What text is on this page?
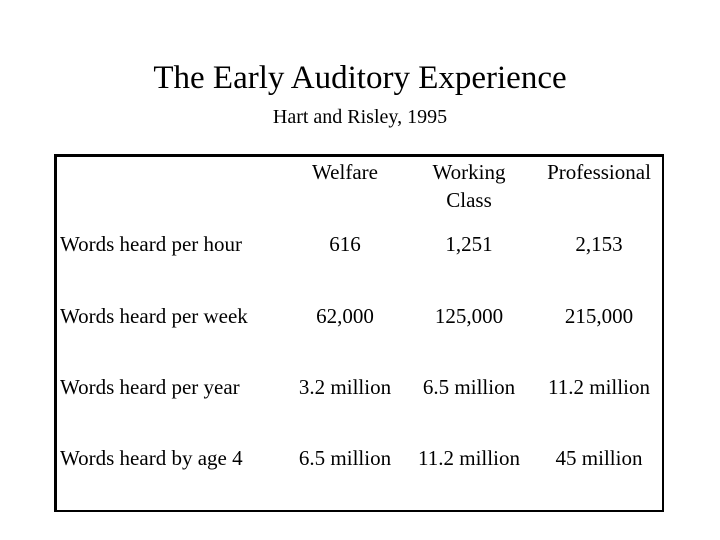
The Early Auditory Experience
Hart and Risley, 1995
	Welfare	Working Class	Professional
Words heard per hour	616	1,251	2,153
Words heard per week	62,000	125,000	215,000
Words heard per year	3.2 million	6.5 million	11.2 million
Words heard by age 4	6.5 million	11.2 million	45 million
